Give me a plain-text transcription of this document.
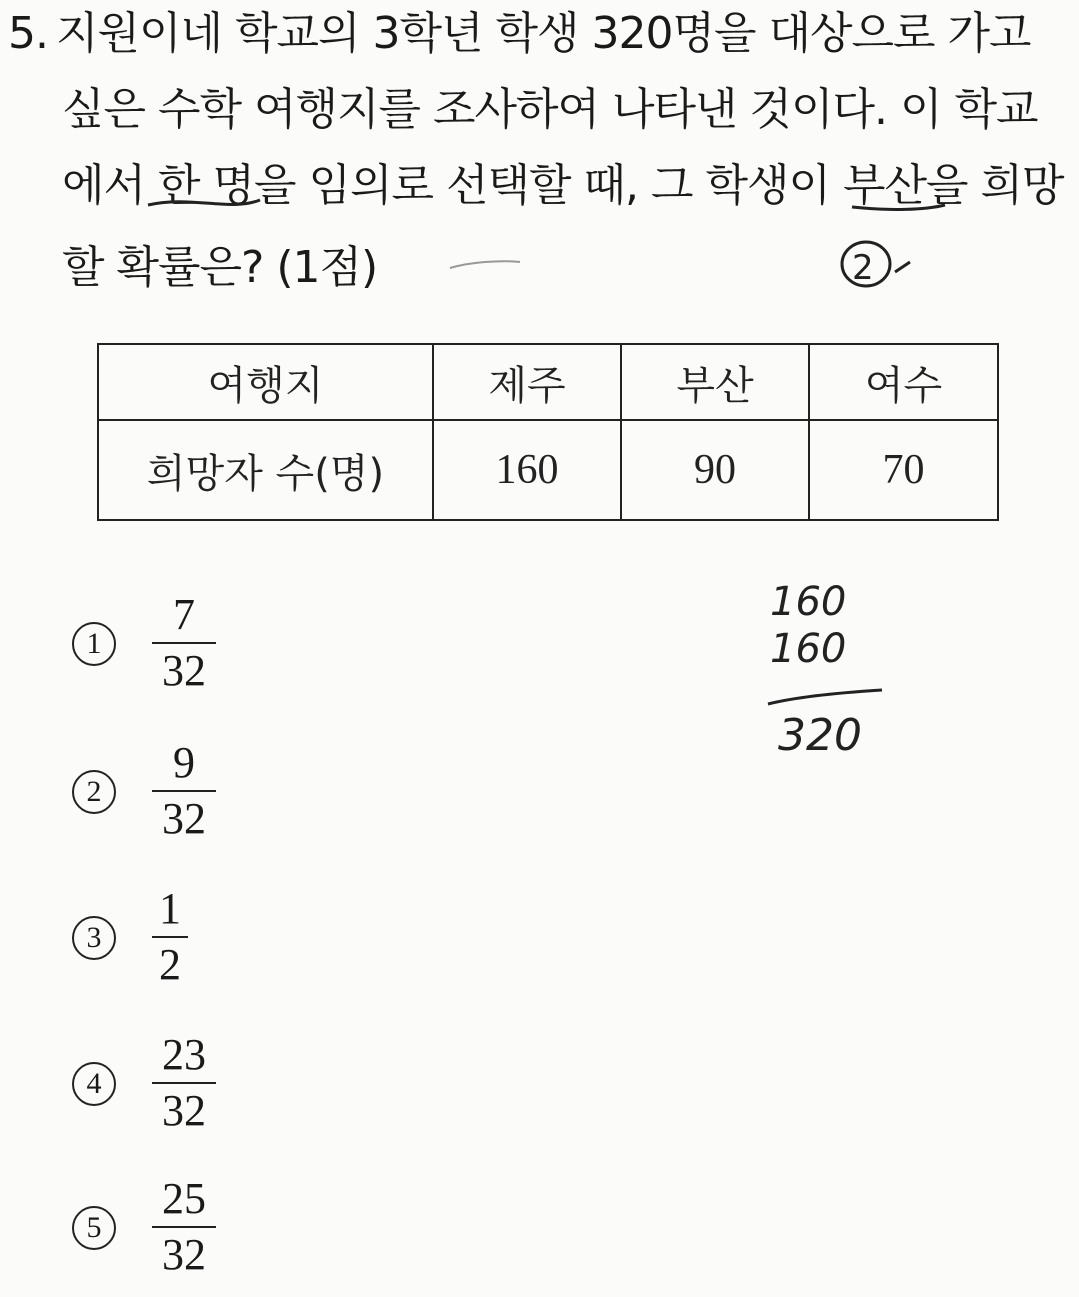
5. 지원이네 학교의 3학년 학생 320명을 대상으로 가고
싶은 수학 여행지를 조사하여 나타낸 것이다. 이 학교
에서 한 명을 임의로 선택할 때, 그 학생이 부산을 희망
할 확률은? (1점)
여행지	제주	부산	여수
희망자 수(명)	160	90	70
1
7
32
2
9
32
3
1
2
4
23
32
5
25
32
2
160
160
320
